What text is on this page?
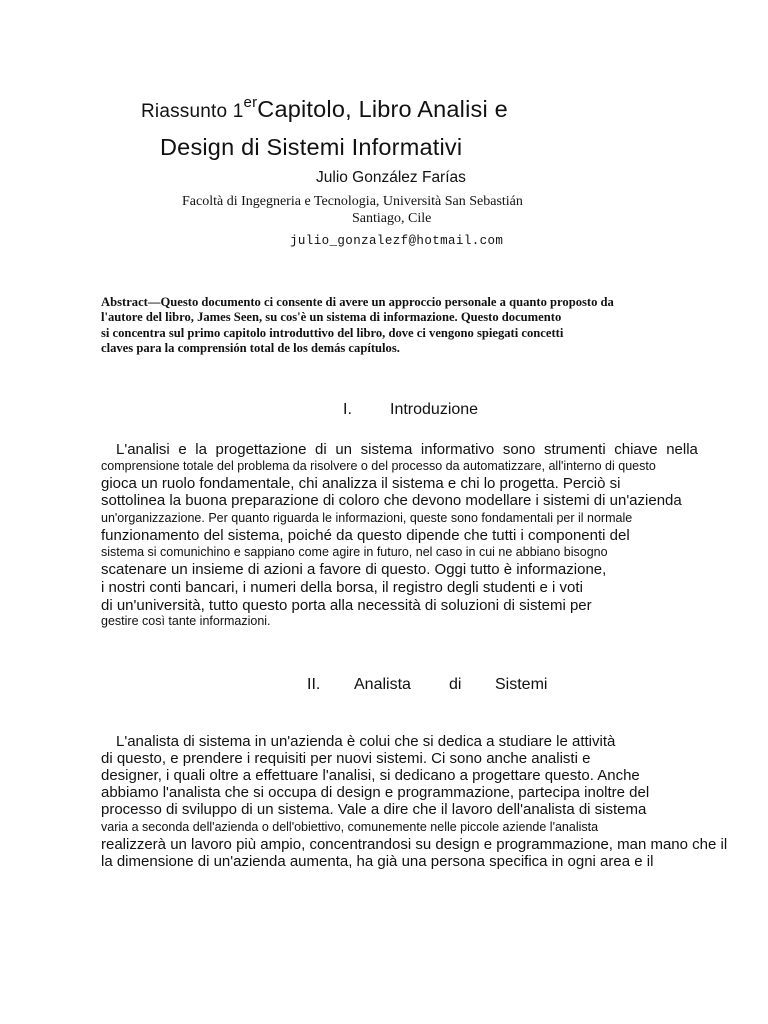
Riassunto 1erCapitolo, Libro Analisi e
Design di Sistemi Informativi
Julio González Farías
Facoltà di Ingegneria e Tecnologia, Università San Sebastián
Santiago, Cile
julio_gonzalezf@hotmail.com
Abstract—Questo documento ci consente di avere un approccio personale a quanto proposto da
l'autore del libro, James Seen, su cos'è un sistema di informazione. Questo documento
si concentra sul primo capitolo introduttivo del libro, dove ci vengono spiegati concetti
claves para la comprensión total de los demás capítulos.
I. Introduzione
L'analisi e la progettazione di un sistema informativo sono strumenti chiave nella
comprensione totale del problema da risolvere o del processo da automatizzare, all'interno di questo
gioca un ruolo fondamentale, chi analizza il sistema e chi lo progetta. Perciò si
sottolinea la buona preparazione di coloro che devono modellare i sistemi di un'azienda
un'organizzazione. Per quanto riguarda le informazioni, queste sono fondamentali per il normale
funzionamento del sistema, poiché da questo dipende che tutti i componenti del
sistema si comunichino e sappiano come agire in futuro, nel caso in cui ne abbiano bisogno
scatenare un insieme di azioni a favore di questo. Oggi tutto è informazione,
i nostri conti bancari, i numeri della borsa, il registro degli studenti e i voti
di un'università, tutto questo porta alla necessità di soluzioni di sistemi per
gestire così tante informazioni.
II. Analista di Sistemi
L'analista di sistema in un'azienda è colui che si dedica a studiare le attività
di questo, e prendere i requisiti per nuovi sistemi. Ci sono anche analisti e
designer, i quali oltre a effettuare l'analisi, si dedicano a progettare questo. Anche
abbiamo l'analista che si occupa di design e programmazione, partecipa inoltre del
processo di sviluppo di un sistema. Vale a dire che il lavoro dell'analista di sistema
varia a seconda dell'azienda o dell'obiettivo, comunemente nelle piccole aziende l'analista
realizzerà un lavoro più ampio, concentrandosi su design e programmazione, man mano che il
la dimensione di un'azienda aumenta, ha già una persona specifica in ogni area e il
